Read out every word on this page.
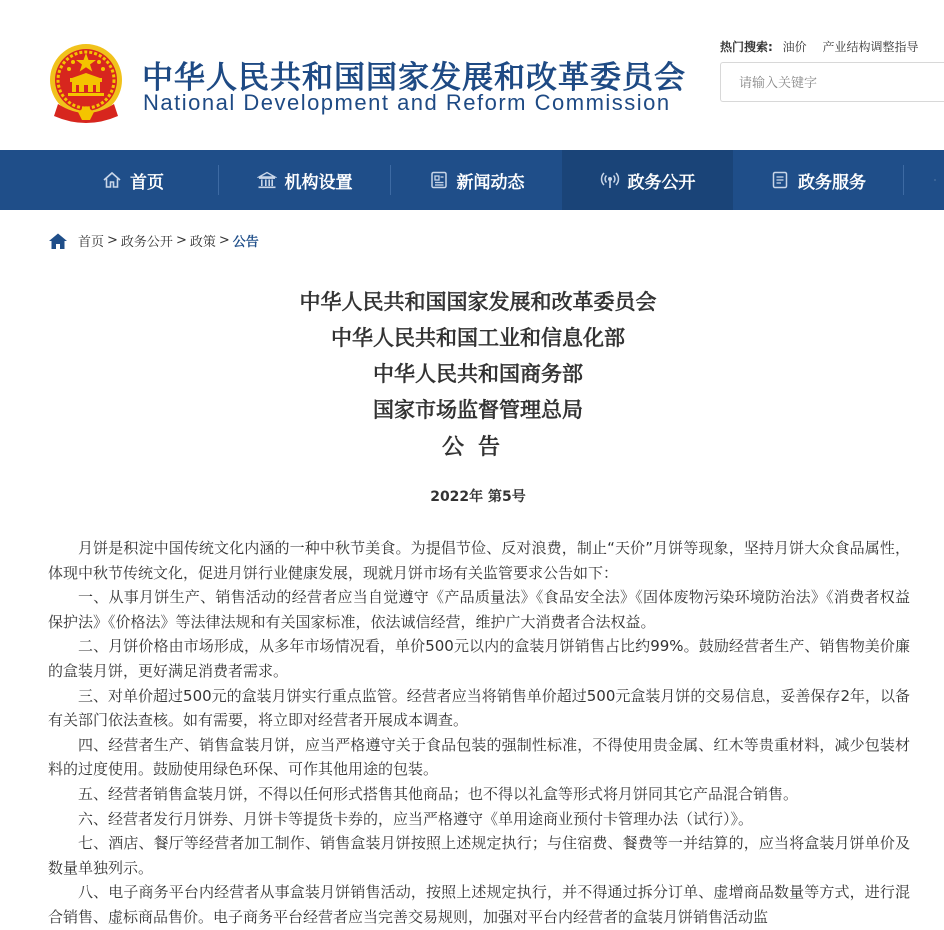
中华人民共和国国家发展和改革委员会
National Development and Reform Commission
热门搜索: 油价 产业结构调整指导
请输入关键字
首页	机构设置	新闻动态	政务公开	政务服务
首页 > 政务公开 > 政策 > 公告
中华人民共和国国家发展和改革委员会
中华人民共和国工业和信息化部
中华人民共和国商务部
国家市场监督管理总局
公告
2022年 第5号

月饼是积淀中国传统文化内涵的一种中秋节美食。为提倡节俭、反对浪费，制止“天价”月饼等现象，坚持月饼大众食品属性，体现中秋节传统文化，促进月饼行业健康发展，现就月饼市场有关监管要求公告如下：

一、从事月饼生产、销售活动的经营者应当自觉遵守《产品质量法》《食品安全法》《固体废物污染环境防治法》《消费者权益保护法》《价格法》等法律法规和有关国家标准，依法诚信经营，维护广大消费者合法权益。

二、月饼价格由市场形成，从多年市场情况看，单价500元以内的盒装月饼销售占比约99%。鼓励经营者生产、销售物美价廉的盒装月饼，更好满足消费者需求。

三、对单价超过500元的盒装月饼实行重点监管。经营者应当将销售单价超过500元盒装月饼的交易信息，妥善保存2年，以备有关部门依法查核。如有需要，将立即对经营者开展成本调查。

四、经营者生产、销售盒装月饼，应当严格遵守关于食品包装的强制性标准，不得使用贵金属、红木等贵重材料，减少包装材料的过度使用。鼓励使用绿色环保、可作其他用途的包装。

五、经营者销售盒装月饼，不得以任何形式搭售其他商品；也不得以礼盒等形式将月饼同其它产品混合销售。

六、经营者发行月饼券、月饼卡等提货卡券的，应当严格遵守《单用途商业预付卡管理办法（试行）》。

七、酒店、餐厅等经营者加工制作、销售盒装月饼按照上述规定执行；与住宿费、餐费等一并结算的，应当将盒装月饼单价及数量单独列示。

八、电子商务平台内经营者从事盒装月饼销售活动，按照上述规定执行，并不得通过拆分订单、虚增商品数量等方式，进行混合销售、虚标商品售价。电子商务平台经营者应当完善交易规则，加强对平台内经营者的盒装月饼销售活动监
